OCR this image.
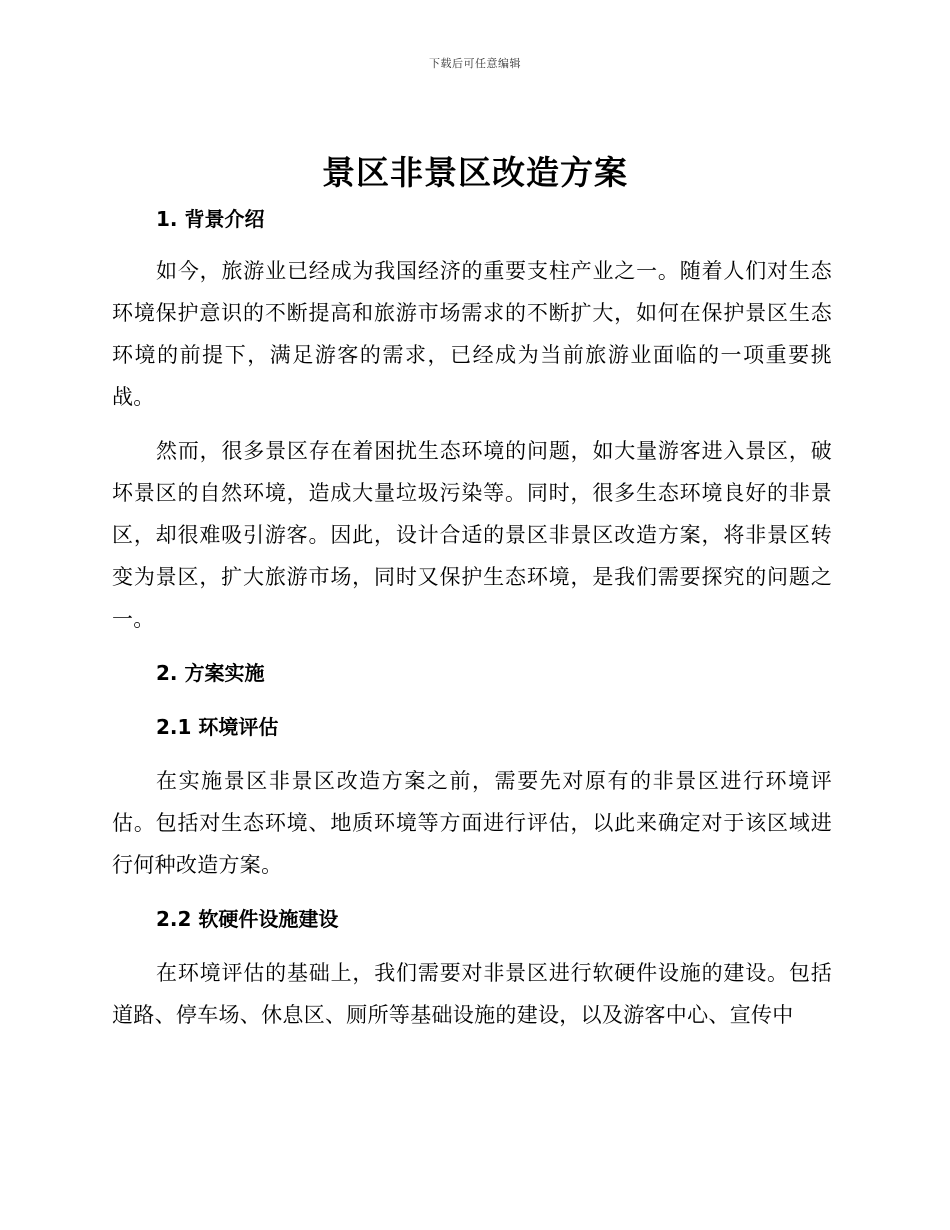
下载后可任意编辑
景区非景区改造方案
1. 背景介绍

如今，旅游业已经成为我国经济的重要支柱产业之一。随着人们对生态环境保护意识的不断提高和旅游市场需求的不断扩大，如何在保护景区生态环境的前提下，满足游客的需求，已经成为当前旅游业面临的一项重要挑战。

然而，很多景区存在着困扰生态环境的问题，如大量游客进入景区，破坏景区的自然环境，造成大量垃圾污染等。同时，很多生态环境良好的非景区，却很难吸引游客。因此，设计合适的景区非景区改造方案，将非景区转变为景区，扩大旅游市场，同时又保护生态环境，是我们需要探究的问题之一。

2. 方案实施
2.1 环境评估

在实施景区非景区改造方案之前，需要先对原有的非景区进行环境评估。包括对生态环境、地质环境等方面进行评估，以此来确定对于该区域进行何种改造方案。

2.2 软硬件设施建设

在环境评估的基础上，我们需要对非景区进行软硬件设施的建设。包括道路、停车场、休息区、厕所等基础设施的建设，以及游客中心、宣传中
